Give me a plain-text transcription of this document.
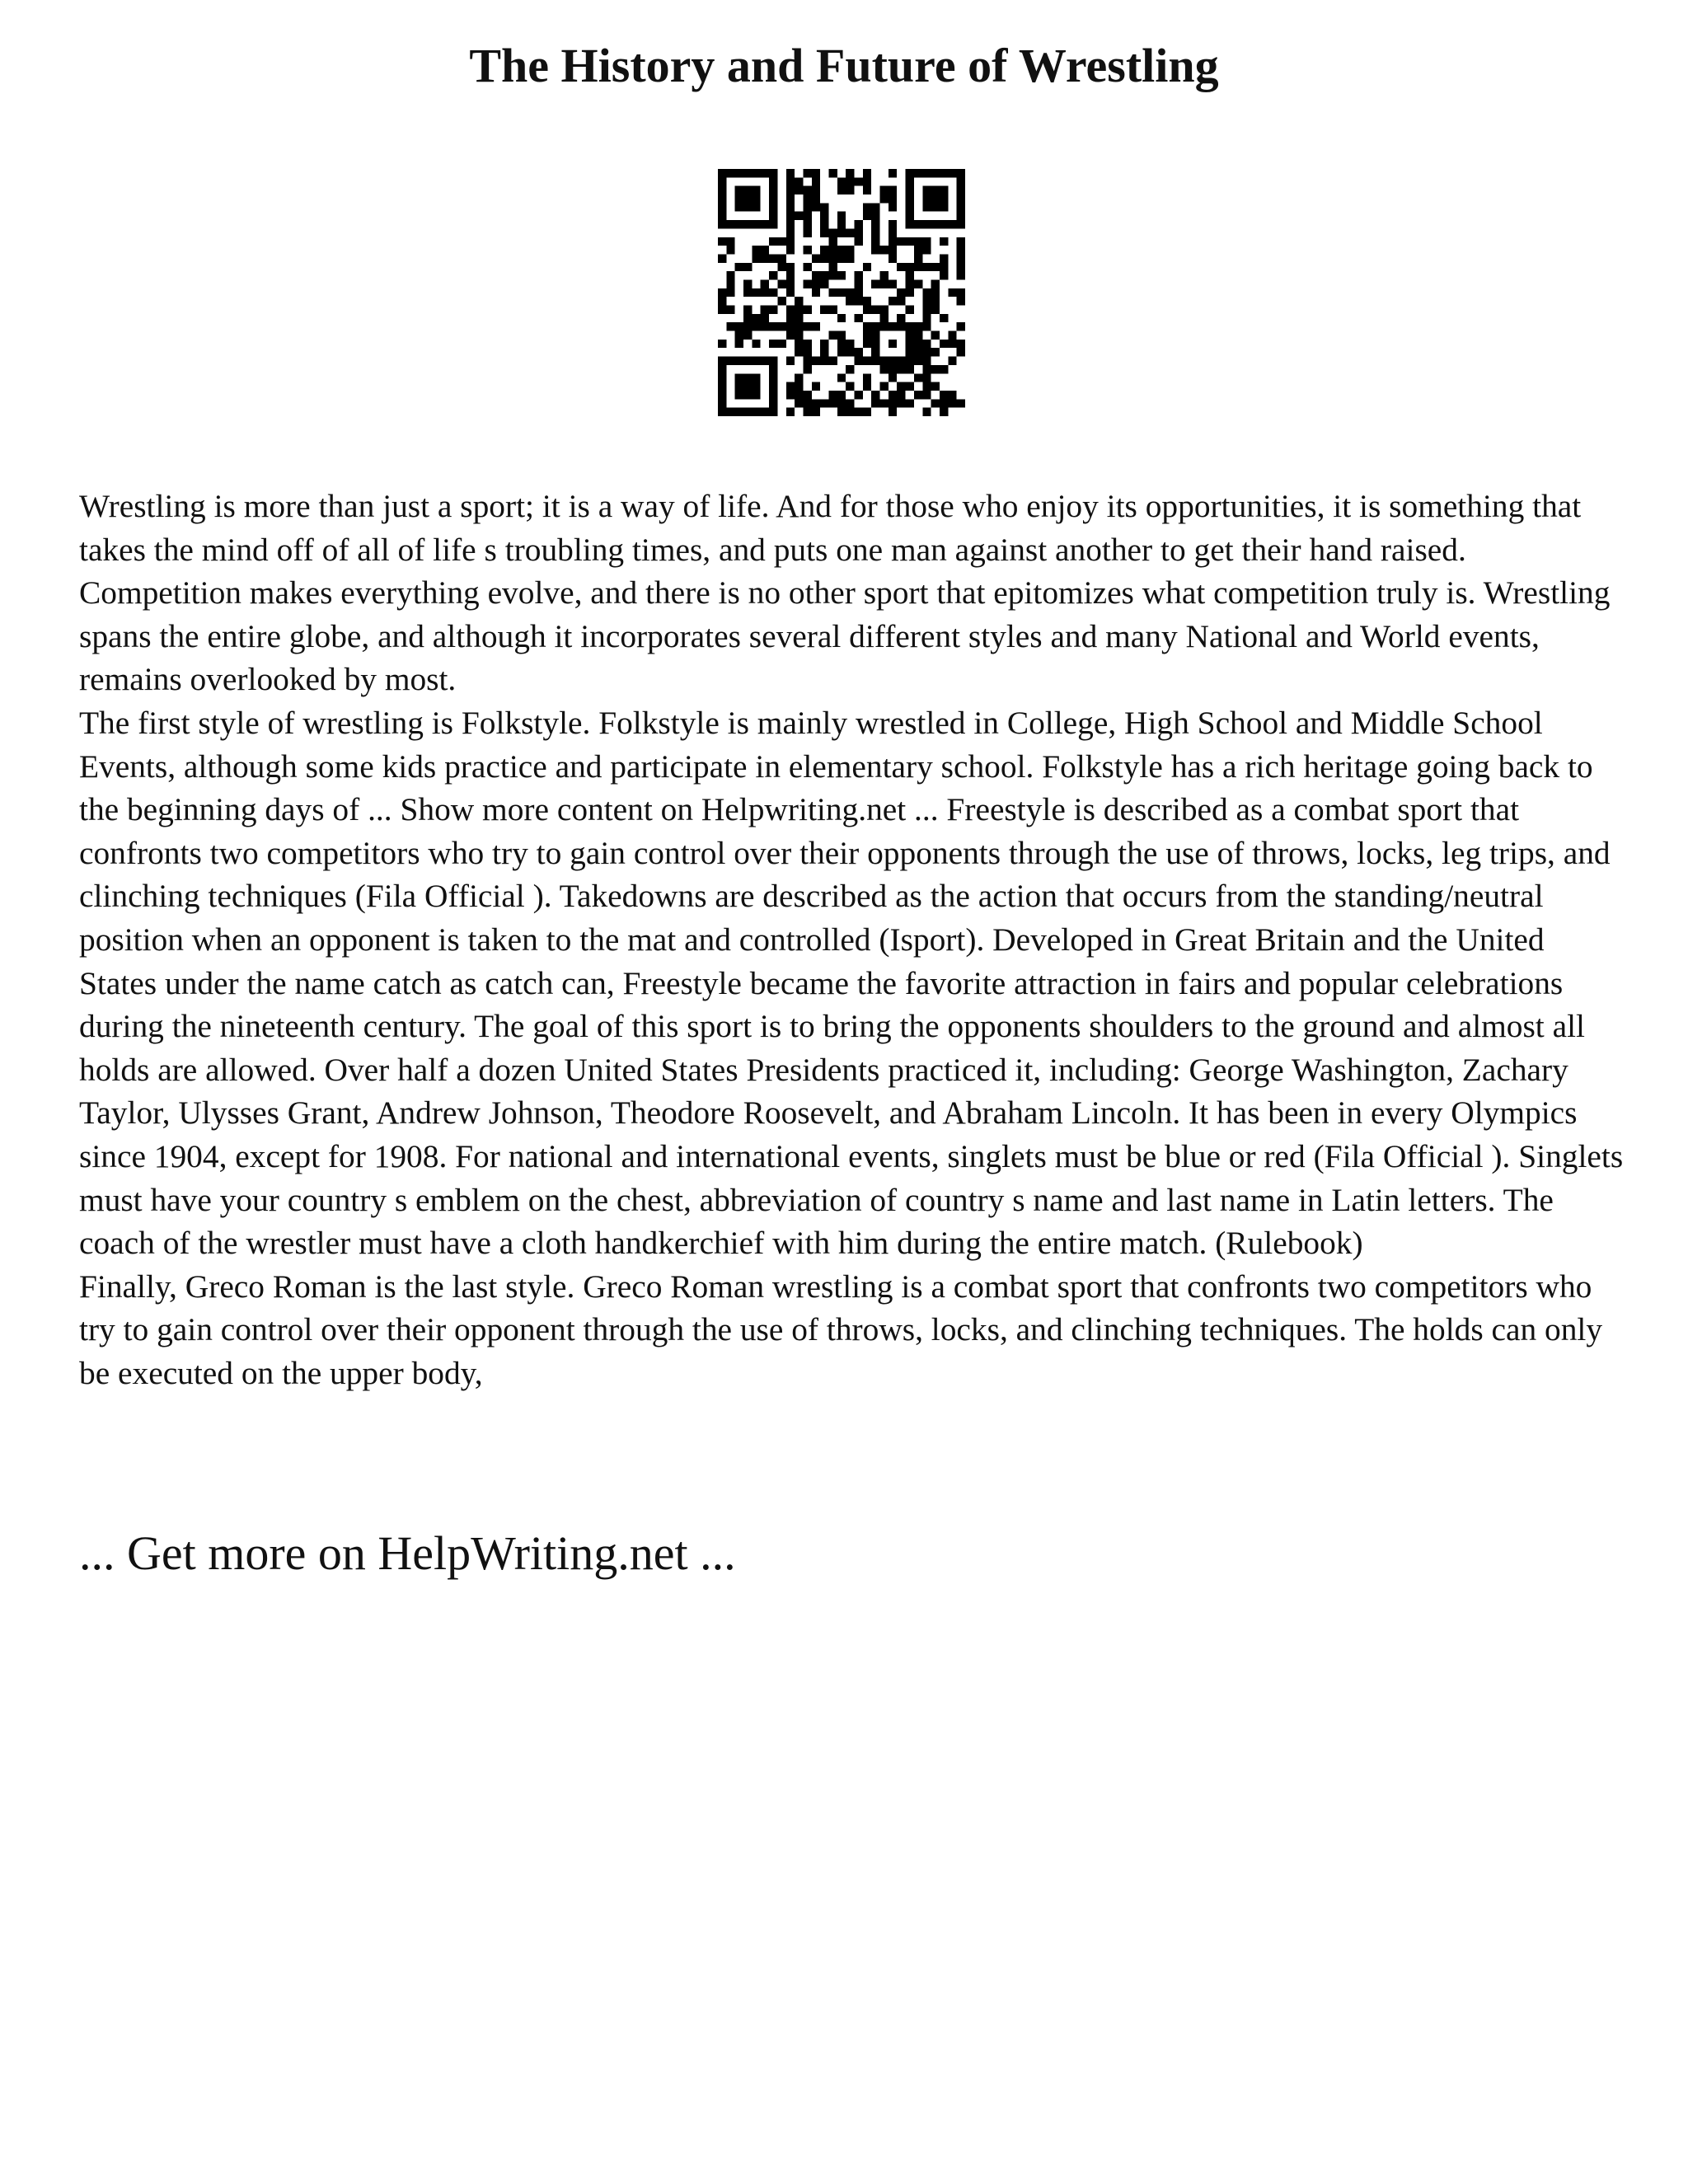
The History and Future of Wrestling

Wrestling is more than just a sport; it is a way of life. And for those who enjoy its opportunities, it is something that takes the mind off of all of life s troubling times, and puts one man against another to get their hand raised. Competition makes everything evolve, and there is no other sport that epitomizes what competition truly is. Wrestling spans the entire globe, and although it incorporates several different styles and many National and World events, remains overlooked by most.

The first style of wrestling is Folkstyle. Folkstyle is mainly wrestled in College, High School and Middle School Events, although some kids practice and participate in elementary school. Folkstyle has a rich heritage going back to the beginning days of ... Show more content on Helpwriting.net ... Freestyle is described as a combat sport that confronts two competitors who try to gain control over their opponents through the use of throws, locks, leg trips, and clinching techniques (Fila Official ). Takedowns are described as the action that occurs from the standing/neutral position when an opponent is taken to the mat and controlled (Isport). Developed in Great Britain and the United States under the name catch as catch can, Freestyle became the favorite attraction in fairs and popular celebrations during the nineteenth century. The goal of this sport is to bring the opponents shoulders to the ground and almost all holds are allowed. Over half a dozen United States Presidents practiced it, including: George Washington, Zachary Taylor, Ulysses Grant, Andrew Johnson, Theodore Roosevelt, and Abraham Lincoln. It has been in every Olympics since 1904, except for 1908. For national and international events, singlets must be blue or red (Fila Official ). Singlets must have your country s emblem on the chest, abbreviation of country s name and last name in Latin letters. The coach of the wrestler must have a cloth handkerchief with him during the entire match. (Rulebook)

Finally, Greco Roman is the last style. Greco Roman wrestling is a combat sport that confronts two competitors who try to gain control over their opponent through the use of throws, locks, and clinching techniques. The holds can only be executed on the upper body,

... Get more on HelpWriting.net ...
